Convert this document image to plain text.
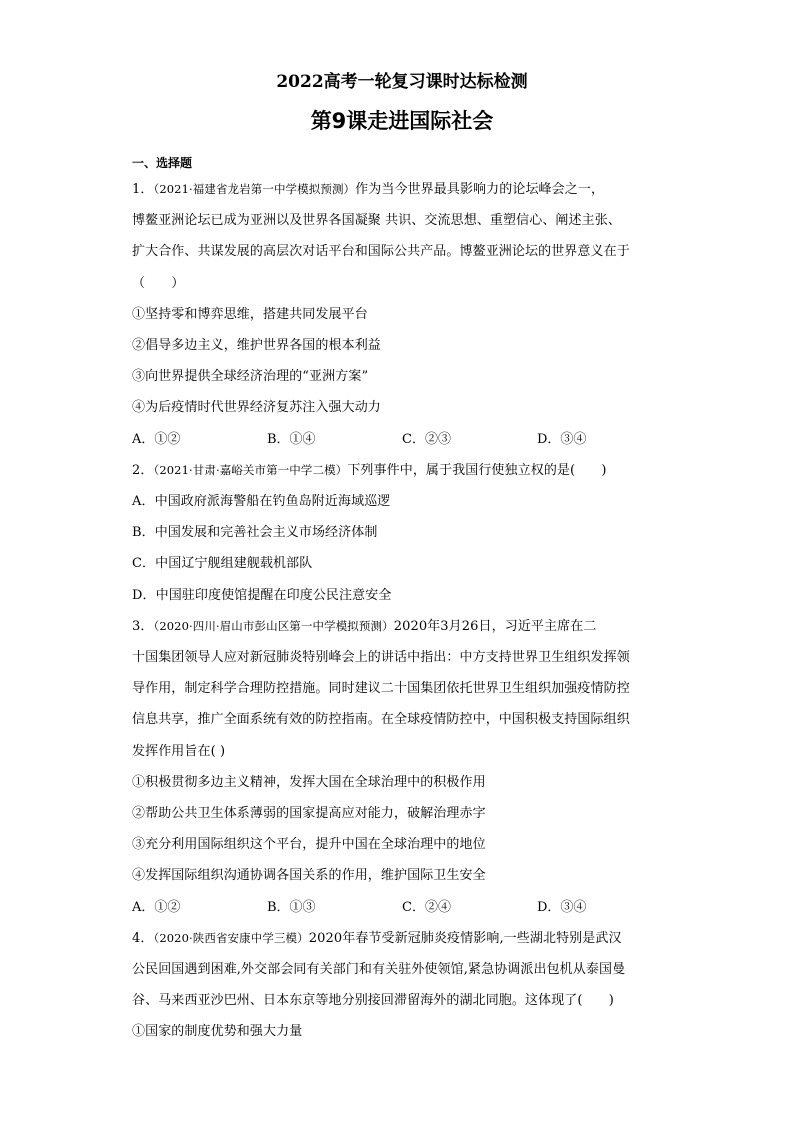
2022高考一轮复习课时达标检测
第9课走进国际社会
一、选择题
1．（2021·福建省龙岩第一中学模拟预测）作为当今世界最具影响力的论坛峰会之一，
博鳌亚洲论坛已成为亚洲以及世界各国凝聚 共识、交流思想、重塑信心、阐述主张、
扩大合作、共谋发展的高层次对话平台和国际公共产品。博鳌亚洲论坛的世界意义在于
（　　）
①坚持零和博弈思维，搭建共同发展平台
②倡导多边主义，维护世界各国的根本利益
③向世界提供全球经济治理的“亚洲方案”
④为后疫情时代世界经济复苏注入强大动力
A．①②	B．①④	C．②③	D．③④
2．（2021·甘肃·嘉峪关市第一中学二模）下列事件中，属于我国行使独立权的是(　　)
A．中国政府派海警船在钓鱼岛附近海域巡逻
B．中国发展和完善社会主义市场经济体制
C．中国辽宁舰组建舰载机部队
D．中国驻印度使馆提醒在印度公民注意安全
3．（2020·四川·眉山市彭山区第一中学模拟预测）2020年3月26日，习近平主席在二
十国集团领导人应对新冠肺炎特别峰会上的讲话中指出：中方支持世界卫生组织发挥领
导作用，制定科学合理防控措施。同时建议二十国集团依托世界卫生组织加强疫情防控
信息共享，推广全面系统有效的防控指南。在全球疫情防控中，中国积极支持国际组织
发挥作用旨在( )
①积极贯彻多边主义精神，发挥大国在全球治理中的积极作用
②帮助公共卫生体系薄弱的国家提高应对能力，破解治理赤字
③充分利用国际组织这个平台，提升中国在全球治理中的地位
④发挥国际组织沟通协调各国关系的作用，维护国际卫生安全
A．①②	B．①③	C．②④	D．③④
4．（2020·陕西省安康中学三模）2020年春节受新冠肺炎疫情影响,一些湖北特别是武汉
公民回国遇到困难,外交部会同有关部门和有关驻外使领馆,紧急协调派出包机从泰国曼
谷、马来西亚沙巴州、日本东京等地分别接回滞留海外的湖北同胞。这体现了(　　)
①国家的制度优势和强大力量
